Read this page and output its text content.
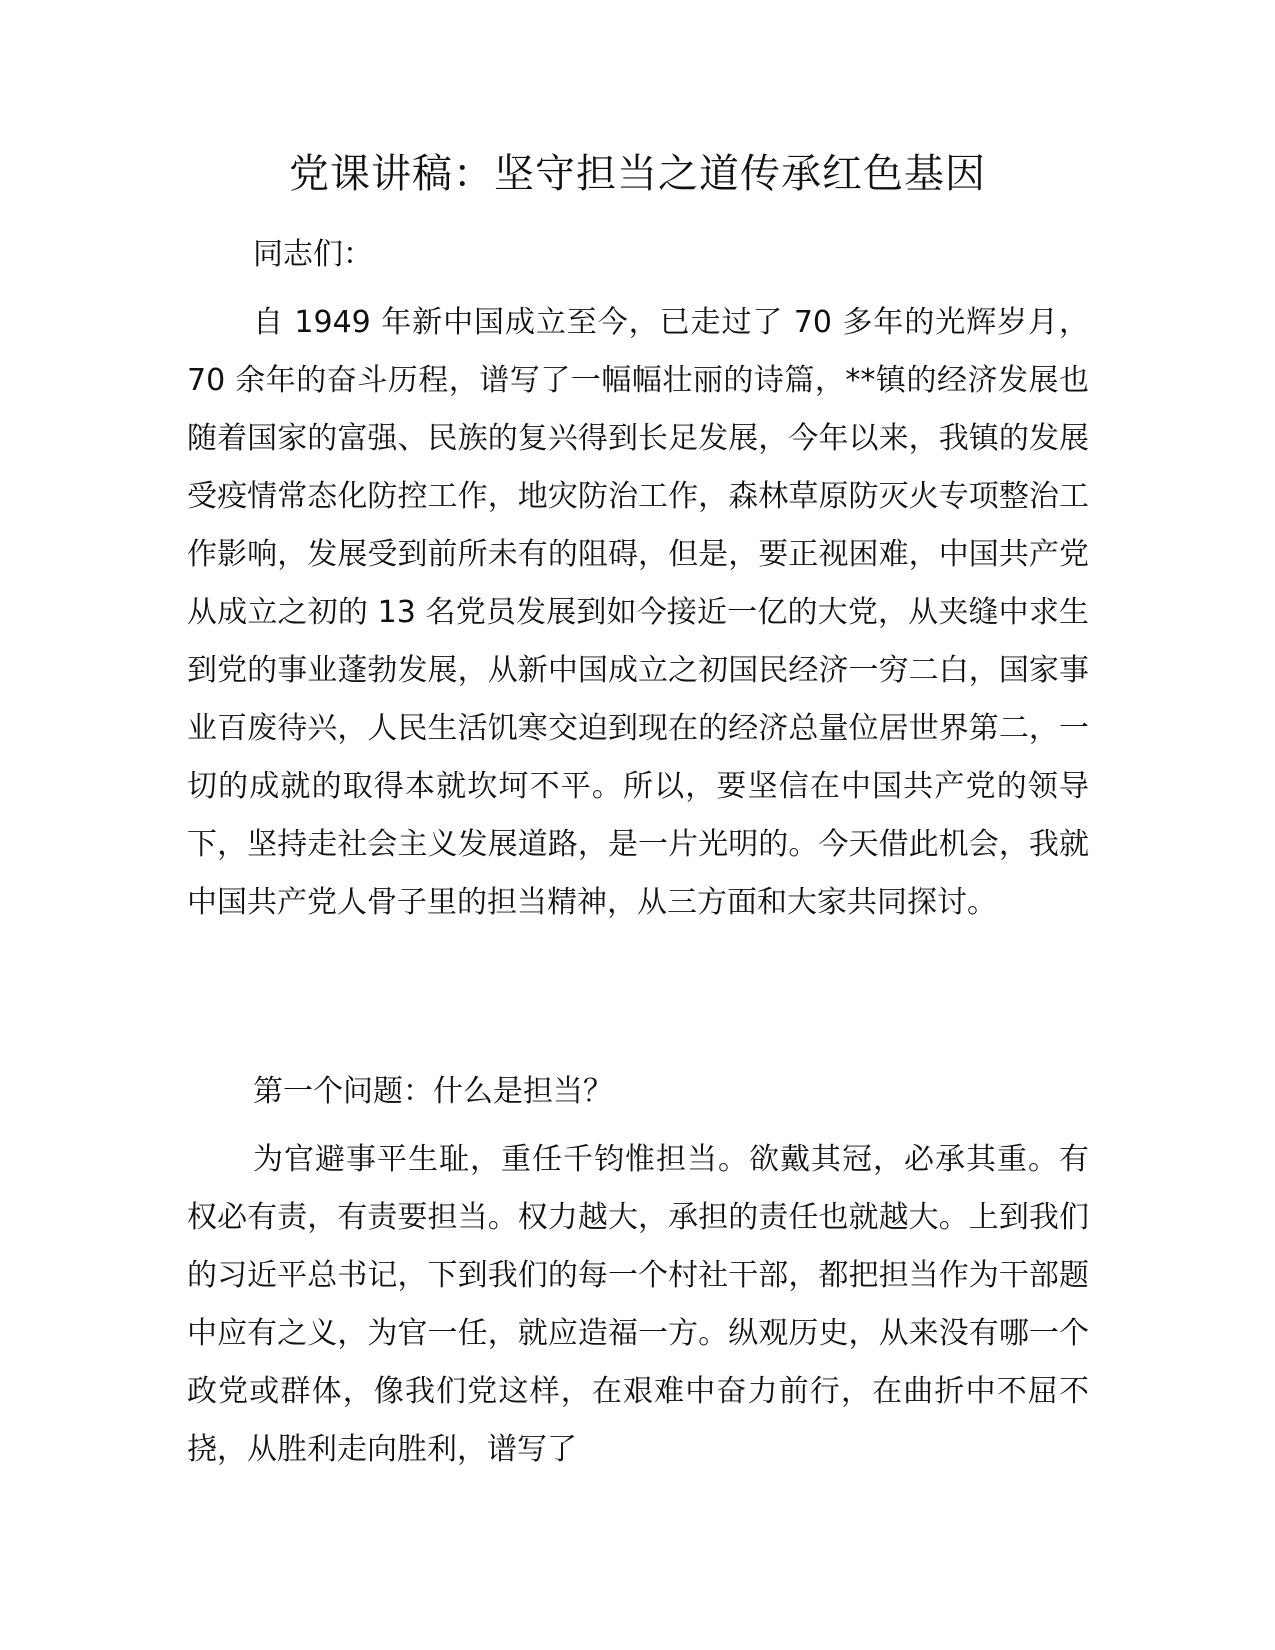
党课讲稿：坚守担当之道传承红色基因

同志们：

自 1949 年新中国成立至今，已走过了 70 多年的光辉岁月，70 余年的奋斗历程，谱写了一幅幅壮丽的诗篇，**镇的经济发展也随着国家的富强、民族的复兴得到长足发展，今年以来，我镇的发展受疫情常态化防控工作，地灾防治工作，森林草原防灭火专项整治工作影响，发展受到前所未有的阻碍，但是，要正视困难，中国共产党从成立之初的 13 名党员发展到如今接近一亿的大党，从夹缝中求生到党的事业蓬勃发展，从新中国成立之初国民经济一穷二白，国家事业百废待兴，人民生活饥寒交迫到现在的经济总量位居世界第二，一切的成就的取得本就坎坷不平。所以，要坚信在中国共产党的领导下，坚持走社会主义发展道路，是一片光明的。今天借此机会，我就中国共产党人骨子里的担当精神，从三方面和大家共同探讨。

第一个问题：什么是担当？

为官避事平生耻，重任千钧惟担当。欲戴其冠，必承其重。有权必有责，有责要担当。权力越大，承担的责任也就越大。上到我们的习近平总书记，下到我们的每一个村社干部，都把担当作为干部题中应有之义，为官一任，就应造福一方。纵观历史，从来没有哪一个政党或群体，像我们党这样，在艰难中奋力前行，在曲折中不屈不挠，从胜利走向胜利，谱写了
